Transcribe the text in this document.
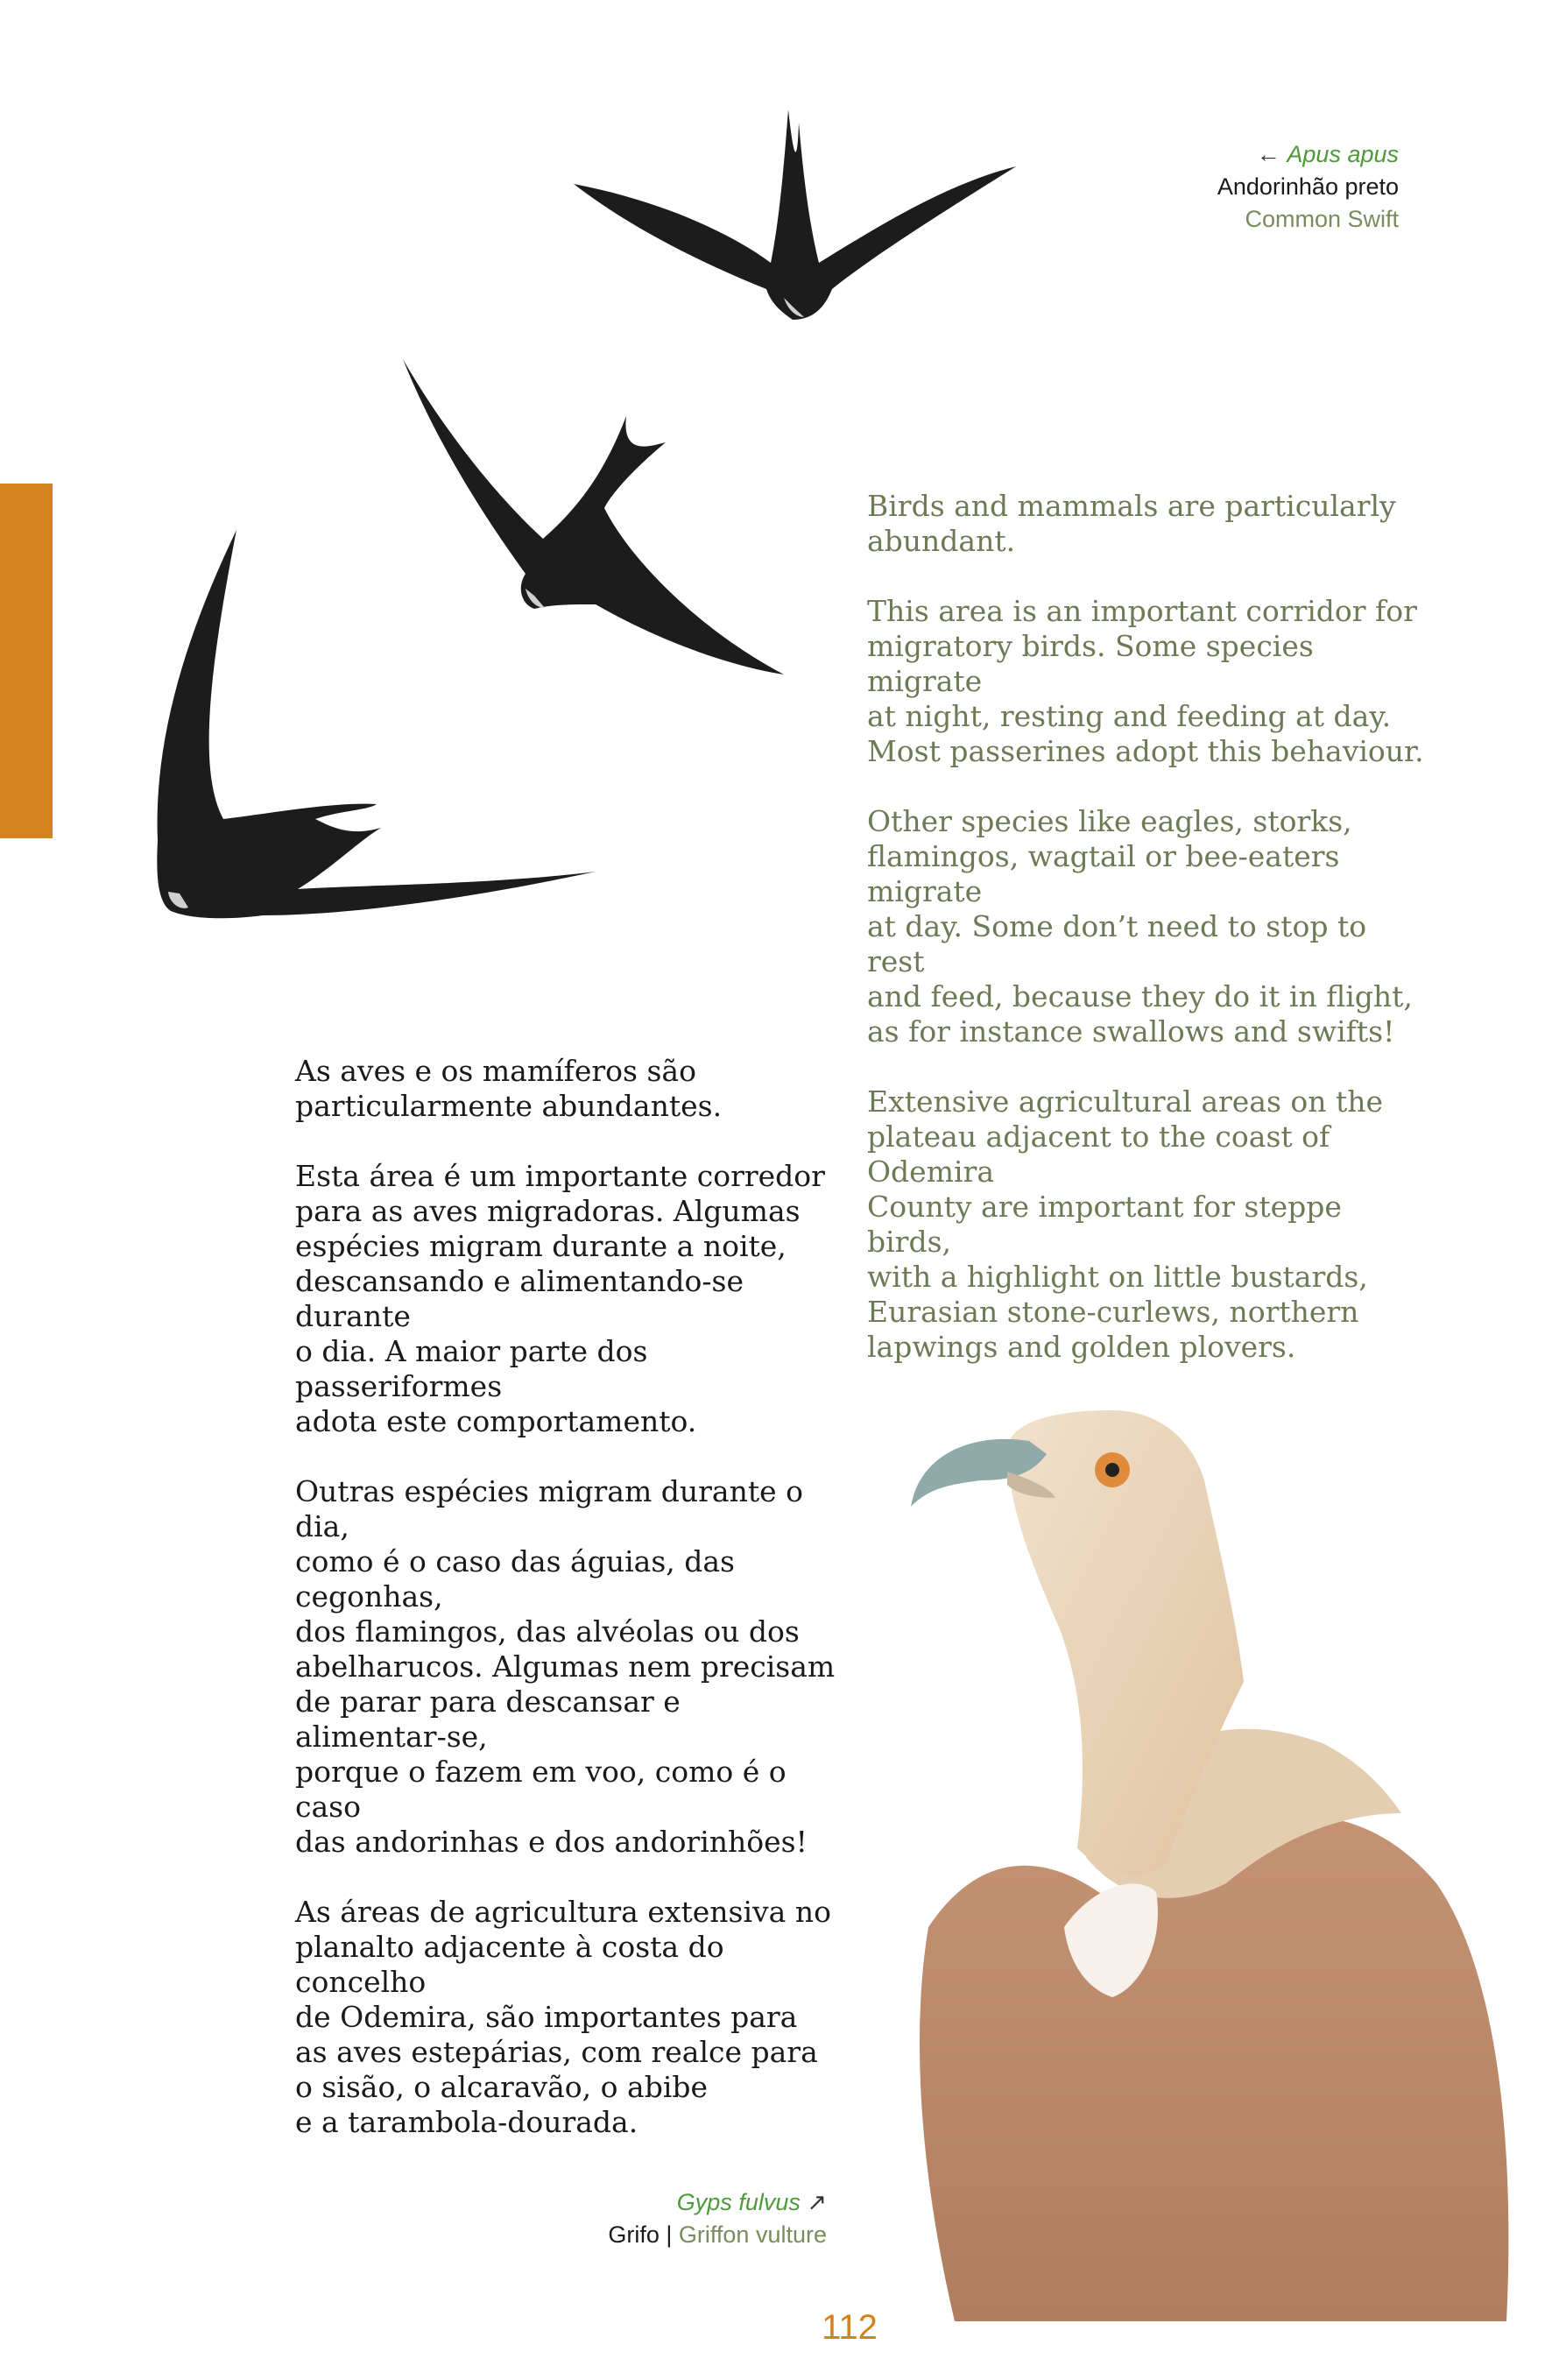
← Apus apus
Andorinhão preto
Common Swift

Birds and mammals are particularly
abundant.

This area is an important corridor for
migratory birds. Some species migrate
at night, resting and feeding at day.
Most passerines adopt this behaviour.

Other species like eagles, storks,
flamingos, wagtail or bee-eaters migrate
at day. Some don’t need to stop to rest
and feed, because they do it in flight,
as for instance swallows and swifts!

Extensive agricultural areas on the
plateau adjacent to the coast of Odemira
County are important for steppe birds,
with a highlight on little bustards,
Eurasian stone-curlews, northern
lapwings and golden plovers.

As aves e os mamíferos são
particularmente abundantes.

Esta área é um importante corredor
para as aves migradoras. Algumas
espécies migram durante a noite,
descansando e alimentando-se durante
o dia. A maior parte dos passeriformes
adota este comportamento.

Outras espécies migram durante o dia,
como é o caso das águias, das cegonhas,
dos flamingos, das alvéolas ou dos
abelharucos. Algumas nem precisam
de parar para descansar e alimentar-se,
porque o fazem em voo, como é o caso
das andorinhas e dos andorinhões!

As áreas de agricultura extensiva no
planalto adjacente à costa do concelho
de Odemira, são importantes para
as aves estepárias, com realce para
o sisão, o alcaravão, o abibe
e a tarambola-dourada.

Gyps fulvus ↗
Grifo | Griffon vulture
112
